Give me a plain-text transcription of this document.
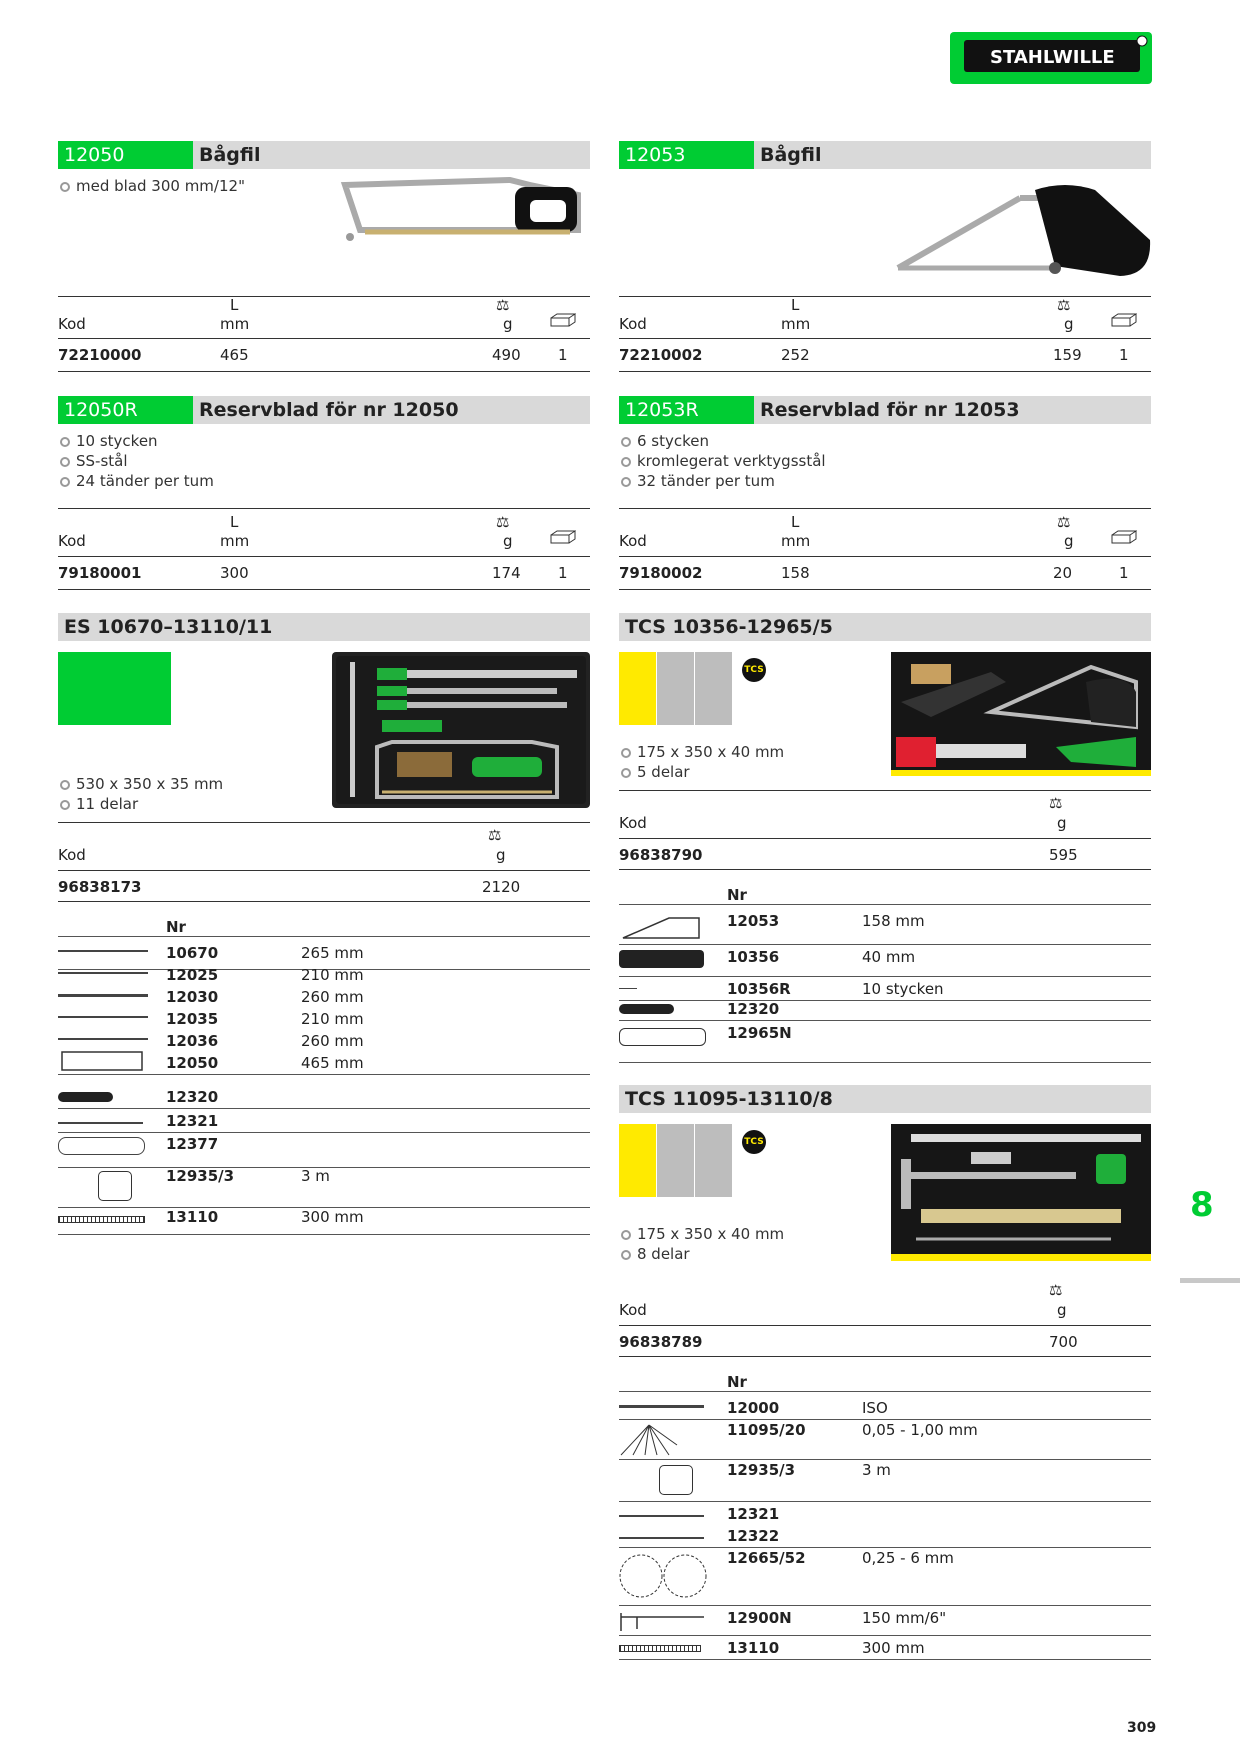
STAHLWILLE
12050	Bågfil
med blad 300 mm/12"
L
Kod	mm
⚖
g
72210000	465	490 1
12053	Bågfil
L
Kod	mm
⚖
g
72210002	252	159 1
12050R	Reservblad för nr 12050
10 stycken
SS-stål
24 tänder per tum
L
Kod	mm
⚖
g
79180001	300	174 1
12053R	Reservblad för nr 12053
6 stycken
kromlegerat verktygsstål
32 tänder per tum
L
Kod	mm
⚖
g
79180002	158	20	1
ES 10670–13110/11
530 x 350 x 35 mm
11 delar
⚖
Kod	g
96838173	2120
Nr
10670	265 mm
12025	210 mm
12030	260 mm
12035	210 mm
12036	260 mm
12050	465 mm
12320
12321
12377
12935/3	3 m
13110	300 mm
TCS 10356-12965/5
TCS
175 x 350 x 40 mm
5 delar
⚖
Kod	g
96838790	595
Nr
12053	158 mm
10356	40 mm
10356R	10 stycken
12320
12965N
TCS 11095-13110/8
TCS
175 x 350 x 40 mm
8 delar
⚖
Kod	g
96838789	700
Nr
12000	ISO
11095/20	0,05 - 1,00 mm
12935/3	3 m
12321
12322
12665/52	0,25 - 6 mm
12900N	150 mm/6"
13110	300 mm
8
309
